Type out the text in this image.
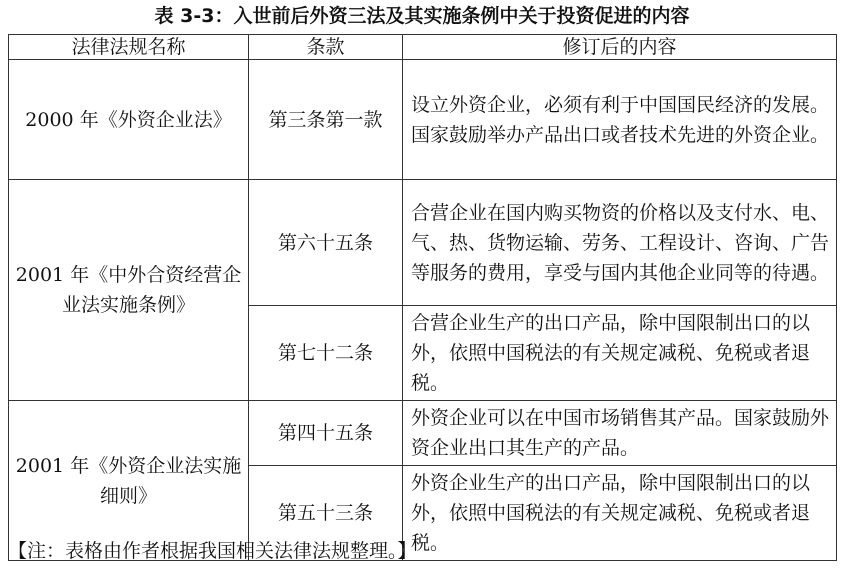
表 3-3：入世前后外资三法及其实施条例中关于投资促进的内容
法律法规名称	条款	修订后的内容
2000 年《外资企业法》	第三条第一款	设立外资企业，必须有利于中国国民经济的发展。国家鼓励举办产品出口或者技术先进的外资企业。
2001 年《中外合资经营企业法实施条例》	第六十五条	合营企业在国内购买物资的价格以及支付水、电、气、热、货物运输、劳务、工程设计、咨询、广告等服务的费用，享受与国内其他企业同等的待遇。
	第七十二条	合营企业生产的出口产品，除中国限制出口的以外，依照中国税法的有关规定减税、免税或者退税。
2001 年《外资企业法实施细则》	第四十五条	外资企业可以在中国市场销售其产品。国家鼓励外资企业出口其生产的产品。
	第五十三条	外资企业生产的出口产品，除中国限制出口的以外，依照中国税法的有关规定减税、免税或者退税。
【注：表格由作者根据我国相关法律法规整理。】
